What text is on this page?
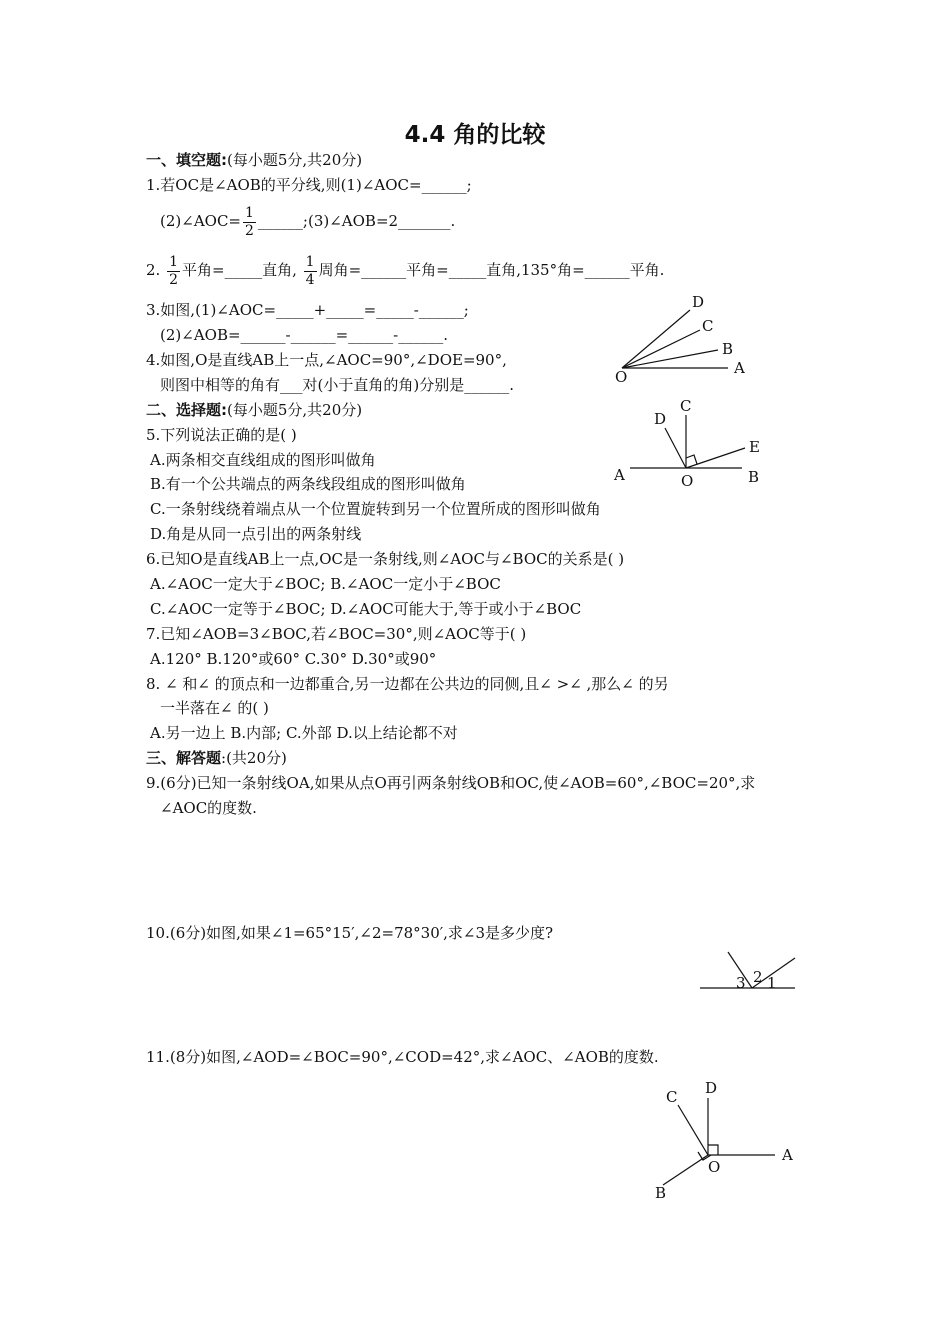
4.4 角的比较
一、填空题:(每小题5分,共20分)
1.若OC是∠AOB的平分线,则(1)∠AOC=______;
(2)∠AOC= $\frac{1}{2}$ ______;(3)∠AOB=2_______.
2. $\frac{1}{2}$ 平角=_____直角, $\frac{1}{4}$ 周角=______平角=_____直角,135°角=______平角.
3.如图,(1)∠AOC=_____+_____=_____-______;
(2)∠AOB=______-______=______-______.
4.如图,O是直线AB上一点,∠AOC=90°,∠DOE=90°,
则图中相等的角有___对(小于直角的角)分别是______.
二、选择题:(每小题5分,共20分)
5.下列说法正确的是( )
A.两条相交直线组成的图形叫做角
B.有一个公共端点的两条线段组成的图形叫做角
C.一条射线绕着端点从一个位置旋转到另一个位置所成的图形叫做角
D.角是从同一点引出的两条射线
6.已知O是直线AB上一点,OC是一条射线,则∠AOC与∠BOC的关系是( )
A.∠AOC一定大于∠BOC; B.∠AOC一定小于∠BOC
C.∠AOC一定等于∠BOC; D.∠AOC可能大于,等于或小于∠BOC
7.已知∠AOB=3∠BOC,若∠BOC=30°,则∠AOC等于( )
A.120° B.120°或60° C.30° D.30°或90°
8. ∠ 和∠ 的顶点和一边都重合,另一边都在公共边的同侧,且∠ >∠ ,那么∠ 的另
一半落在∠ 的( )
A.另一边上 B.内部; C.外部 D.以上结论都不对
三、解答题:(共20分)
9.(6分)已知一条射线OA,如果从点O再引两条射线OB和OC,使∠AOB=60°,∠BOC=20°,求
∠AOC的度数.
10.(6分)如图,如果∠1=65°15′,∠2=78°30′,求∠3是多少度?
11.(8分)如图,∠AOD=∠BOC=90°,∠COD=42°,求∠AOC、∠AOB的度数.
D
C
B
A
O
C
D
E
A	O	B
3 2 1
C D
A
O
B
